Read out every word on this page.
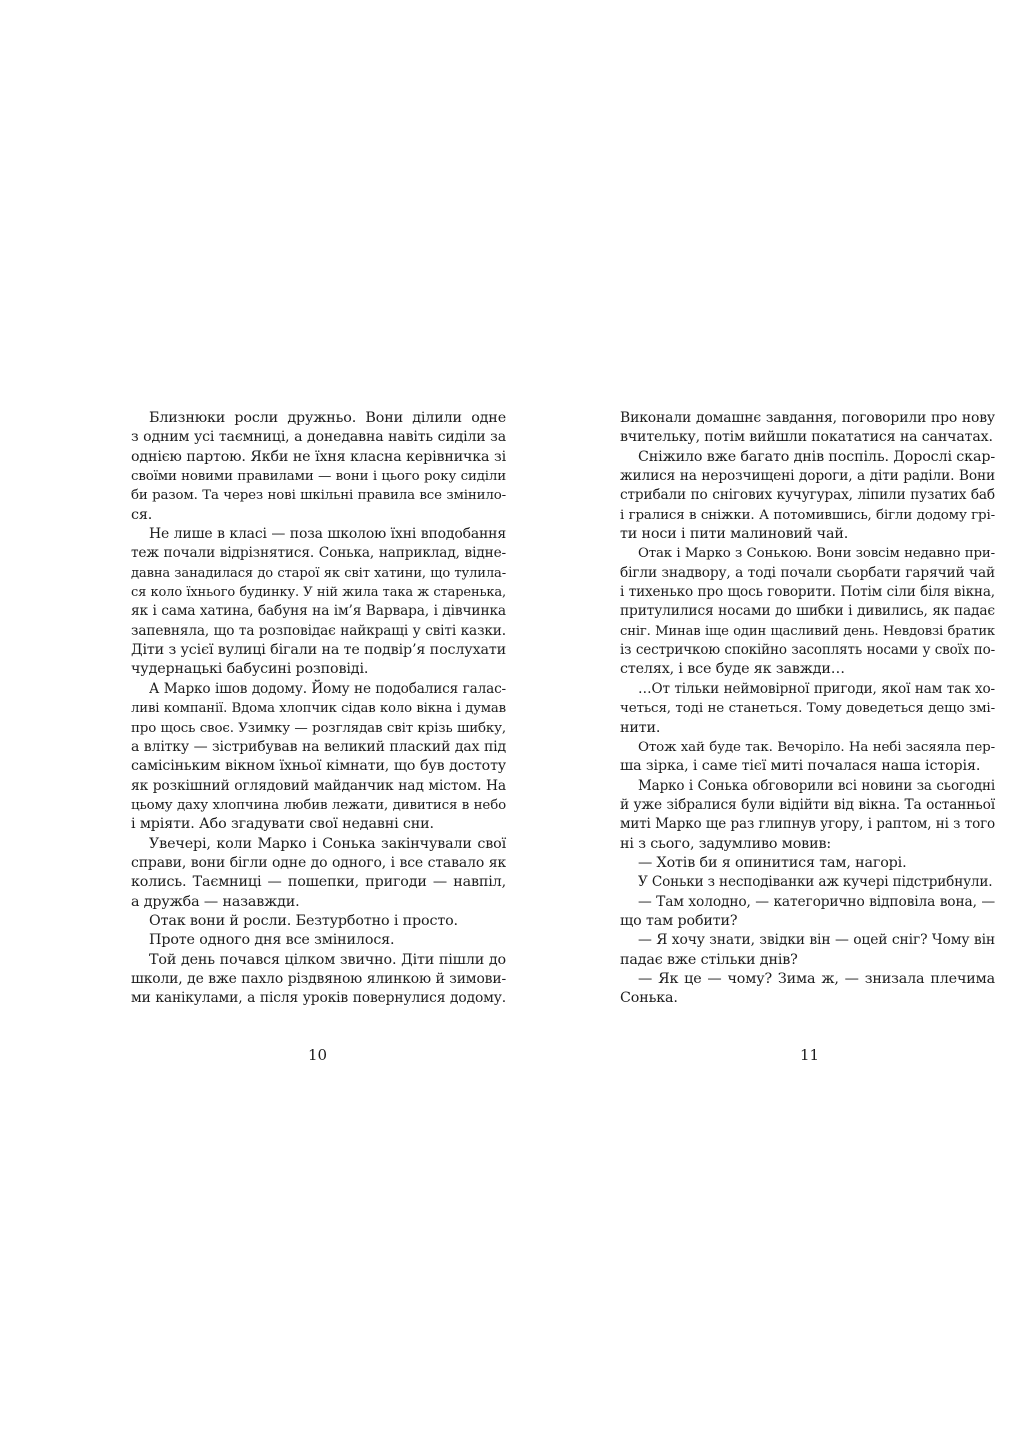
Близнюки росли дружньо. Вони ділили одне
з одним усі таємниці, а донедавна навіть сиділи за
однією партою. Якби не їхня класна керівничка зі
своїми новими правилами — вони і цього року сиділи
би разом. Та через нові шкільні правила все змінило-
ся.
Не лише в класі — поза школою їхні вподобання
теж почали відрізнятися. Сонька, наприклад, відне-
давна занадилася до старої як світ хатини, що тулила-
ся коло їхнього будинку. У ній жила така ж старенька,
як і сама хатина, бабуня на ім’я Варвара, і дівчинка
запевняла, що та розповідає найкращі у світі казки.
Діти з усієї вулиці бігали на те подвір’я послухати
чудернацькі бабусині розповіді.
А Марко ішов додому. Йому не подобалися галас-
ливі компанії. Вдома хлопчик сідав коло вікна і думав
про щось своє. Узимку — розглядав світ крізь шибку,
а влітку — зістрибував на великий плаский дах під
самісіньким вікном їхньої кімнати, що був достоту
як розкішний оглядовий майданчик над містом. На
цьому даху хлопчина любив лежати, дивитися в небо
і мріяти. Або згадувати свої недавні сни.
Увечері, коли Марко і Сонька закінчували свої
справи, вони бігли одне до одного, і все ставало як
колись. Таємниці — пошепки, пригоди — навпіл,
а дружба — назавжди.
Отак вони й росли. Безтурботно і просто.
Проте одного дня все змінилося.
Той день почався цілком звично. Діти пішли до
школи, де вже пахло різдвяною ялинкою й зимови-
ми канікулами, а після уроків повернулися додому.
10
Виконали домашнє завдання, поговорили про нову
вчительку, потім вийшли покататися на санчатах.
Сніжило вже багато днів поспіль. Дорослі скар-
жилися на нерозчищені дороги, а діти раділи. Вони
стрибали по снігових кучугурах, ліпили пузатих баб
і гралися в сніжки. А потомившись, бігли додому грі-
ти носи і пити малиновий чай.
Отак і Марко з Сонькою. Вони зовсім недавно при-
бігли знадвору, а тоді почали сьорбати гарячий чай
і тихенько про щось говорити. Потім сіли біля вікна,
притулилися носами до шибки і дивились, як падає
сніг. Минав іще один щасливий день. Невдовзі братик
із сестричкою спокійно засоплять носами у своїх по-
стелях, і все буде як завжди…
…От тільки неймовірної пригоди, якої нам так хо-
четься, тоді не станеться. Тому доведеться дещо змі-
нити.
Отож хай буде так. Вечоріло. На небі засяяла пер-
ша зірка, і саме тієї миті почалася наша історія.
Марко і Сонька обговорили всі новини за сьогодні
й уже зібралися були відійти від вікна. Та останньої
миті Марко ще раз глипнув угору, і раптом, ні з того
ні з сього, задумливо мовив:
— Хотів би я опинитися там, нагорі.
У Соньки з несподіванки аж кучері підстрибнули.
— Там холодно, — категорично відповіла вона, —
що там робити?
— Я хочу знати, звідки він — оцей сніг? Чому він
падає вже стільки днів?
— Як це — чому? Зима ж, — знизала плечима
Сонька.
11
